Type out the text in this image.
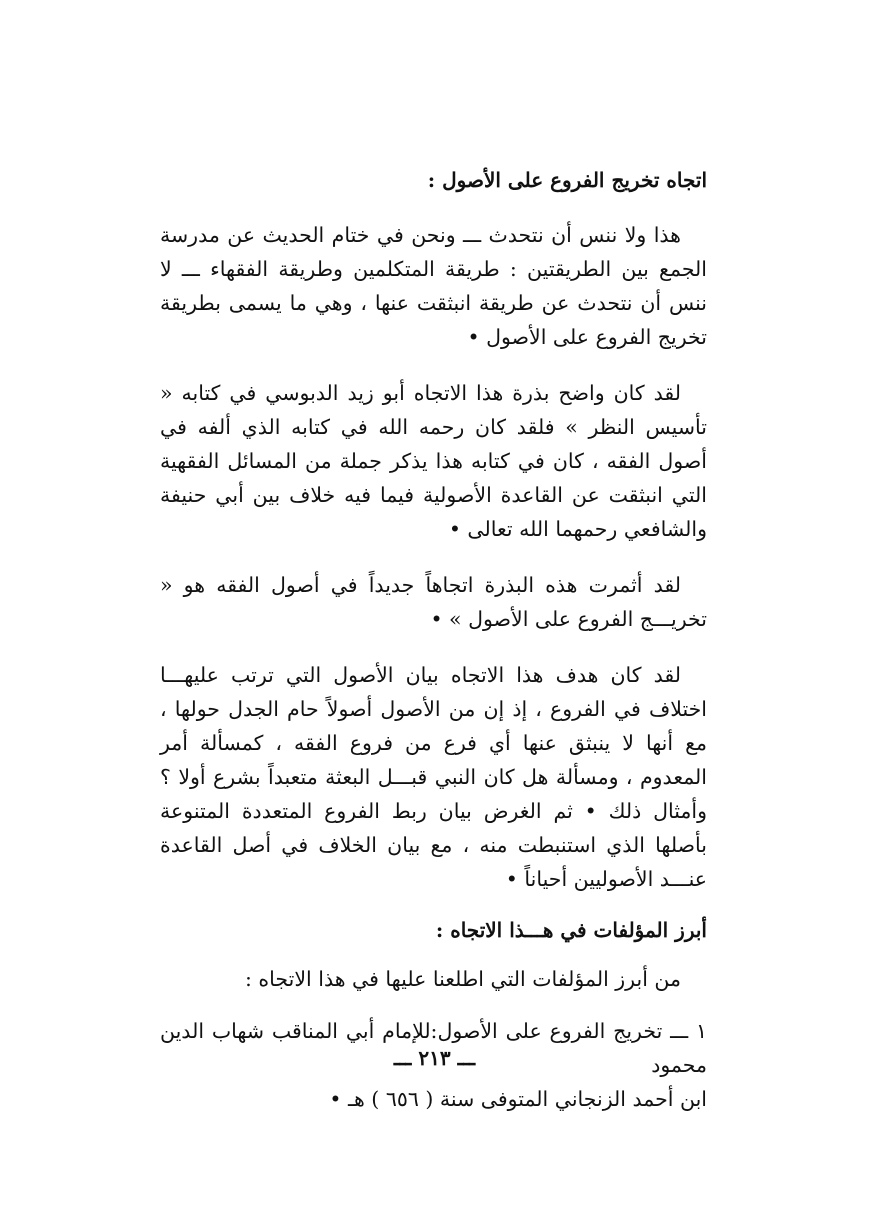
اتجاه تخريج الفروع على الأصول :

هذا ولا ننس أن نتحدث ـــ ونحن في ختام الحديث عن مدرسة الجمع بين الطريقتين : طريقة المتكلمين وطريقة الفقهاء ـــ لا ننس أن نتحدث عن طريقة انبثقت عنها ، وهي ما يسمى بطريقة تخريج الفروع على الأصول •

لقد كان واضح بذرة هذا الاتجاه أبو زيد الدبوسي في كتابه « تأسيس النظر » فلقد كان رحمه الله في كتابه الذي ألفه في أصول الفقه ، كان في كتابه هذا يذكر جملة من المسائل الفقهية التي انبثقت عن القاعدة الأصولية فيما فيه خلاف بين أبي حنيفة والشافعي رحمهما الله تعالى •

لقد أثمرت هذه البذرة اتجاهاً جديداً في أصول الفقه هو « تخريـــج الفروع على الأصول » •

لقد كان هدف هذا الاتجاه بيان الأصول التي ترتب عليهـــا اختلاف في الفروع ، إذ إن من الأصول أصولاً حام الجدل حولها ، مع أنها لا ينبثق عنها أي فرع من فروع الفقه ، كمسألة أمر المعدوم ، ومسألة هل كان النبي قبـــل البعثة متعبداً بشرع أولا ؟ وأمثال ذلك • ثم الغرض بيان ربط الفروع المتعددة المتنوعة بأصلها الذي استنبطت منه ، مع بيان الخلاف في أصل القاعدة عنـــد الأصوليين أحياناً •

أبرز المؤلفات في هـــذا الاتجاه :

من أبرز المؤلفات التي اطلعنا عليها في هذا الاتجاه :

١ ـــ تخريج الفروع على الأصول:للإمام أبي المناقب شهاب الدين محمود
ابن أحمد الزنجاني المتوفى سنة ( ٦٥٦ ) هـ •
ـــ ٢١٣ ـــ
